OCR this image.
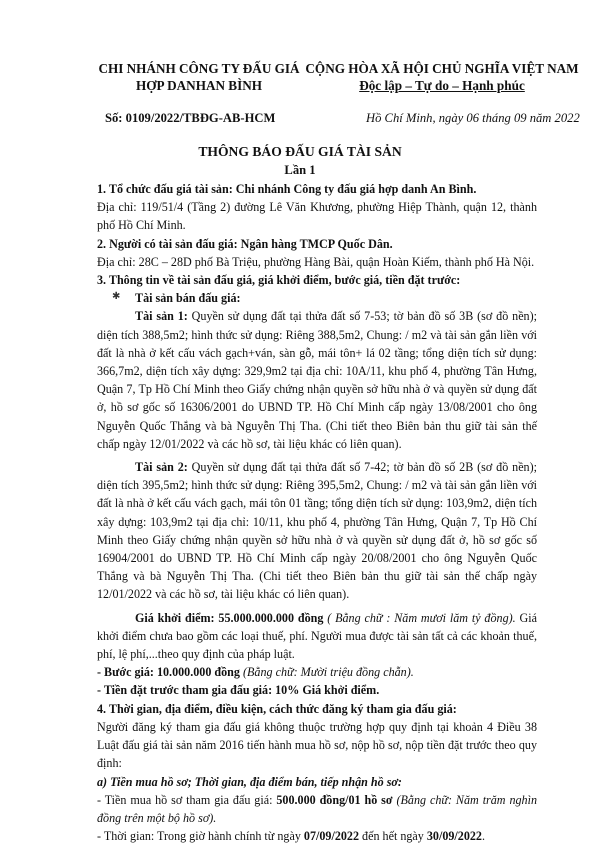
CHI NHÁNH CÔNG TY ĐẤU GIÁ
HỢP DANHAN BÌNH
CỘNG HÒA XÃ HỘI CHỦ NGHĨA VIỆT NAM
Độc lập – Tự do – Hạnh phúc
Số: 0109/2022/TBĐG-AB-HCM	Hồ Chí Minh, ngày 06 tháng 09 năm 2022
THÔNG BÁO ĐẤU GIÁ TÀI SẢN
Lần 1
✱

1. Tổ chức đấu giá tài sản: Chi nhánh Công ty đấu giá hợp danh An Bình.

Địa chỉ: 119/51/4 (Tầng 2) đường Lê Văn Khương, phường Hiệp Thành, quận 12, thành phố Hồ Chí Minh.

2. Người có tài sản đấu giá: Ngân hàng TMCP Quốc Dân.

Địa chỉ: 28C – 28D phố Bà Triệu, phường Hàng Bài, quận Hoàn Kiếm, thành phố Hà Nội.

3. Thông tin về tài sản đấu giá, giá khởi điểm, bước giá, tiền đặt trước:

Tài sản bán đấu giá:

Tài sản 1: Quyền sử dụng đất tại thửa đất số 7-53; tờ bản đồ số 3B (sơ đồ nền); diện tích 388,5m2; hình thức sử dụng: Riêng 388,5m2, Chung: / m2 và tài sản gắn liền với đất là nhà ở kết cấu vách gạch+ván, sàn gỗ, mái tôn+ lá 02 tầng; tổng diện tích sử dụng: 366,7m2, diện tích xây dựng: 329,9m2 tại địa chỉ: 10A/11, khu phố 4, phường Tân Hưng, Quận 7, Tp Hồ Chí Minh theo Giấy chứng nhận quyền sở hữu nhà ở và quyền sử dụng đất ở, hồ sơ gốc số 16306/2001 do UBND TP. Hồ Chí Minh cấp ngày 13/08/2001 cho ông Nguyễn Quốc Thắng và bà Nguyễn Thị Tha. (Chi tiết theo Biên bản thu giữ tài sản thế chấp ngày 12/01/2022 và các hồ sơ, tài liệu khác có liên quan).

Tài sản 2: Quyền sử dụng đất tại thửa đất số 7-42; tờ bản đồ số 2B (sơ đồ nền); diện tích 395,5m2; hình thức sử dụng: Riêng 395,5m2, Chung: / m2 và tài sản gắn liền với đất là nhà ở kết cấu vách gạch, mái tôn 01 tầng; tổng diện tích sử dụng: 103,9m2, diện tích xây dựng: 103,9m2 tại địa chỉ: 10/11, khu phố 4, phường Tân Hưng, Quận 7, Tp Hồ Chí Minh theo Giấy chứng nhận quyền sở hữu nhà ở và quyền sử dụng đất ở, hồ sơ gốc số 16904/2001 do UBND TP. Hồ Chí Minh cấp ngày 20/08/2001 cho ông Nguyễn Quốc Thắng và bà Nguyễn Thị Tha. (Chi tiết theo Biên bản thu giữ tài sản thế chấp ngày 12/01/2022 và các hồ sơ, tài liệu khác có liên quan).

Giá khởi điểm: 55.000.000.000 đồng ( Bằng chữ : Năm mươi lăm tỷ đồng). Giá khởi điểm chưa bao gồm các loại thuế, phí. Người mua được tài sản tất cả các khoản thuế, phí, lệ phí,...theo quy định của pháp luật.

- Bước giá: 10.000.000 đồng (Bằng chữ: Mười triệu đồng chẵn).

- Tiền đặt trước tham gia đấu giá: 10% Giá khởi điểm.

4. Thời gian, địa điểm, điều kiện, cách thức đăng ký tham gia đấu giá:

Người đăng ký tham gia đấu giá không thuộc trường hợp quy định tại khoản 4 Điều 38 Luật đấu giá tài sản năm 2016 tiến hành mua hồ sơ, nộp hồ sơ, nộp tiền đặt trước theo quy định:

a) Tiền mua hồ sơ; Thời gian, địa điểm bán, tiếp nhận hồ sơ:

- Tiền mua hồ sơ tham gia đấu giá: 500.000 đồng/01 hồ sơ (Bằng chữ: Năm trăm nghìn đồng trên một bộ hồ sơ).

- Thời gian: Trong giờ hành chính từ ngày 07/09/2022 đến hết ngày 30/09/2022.
